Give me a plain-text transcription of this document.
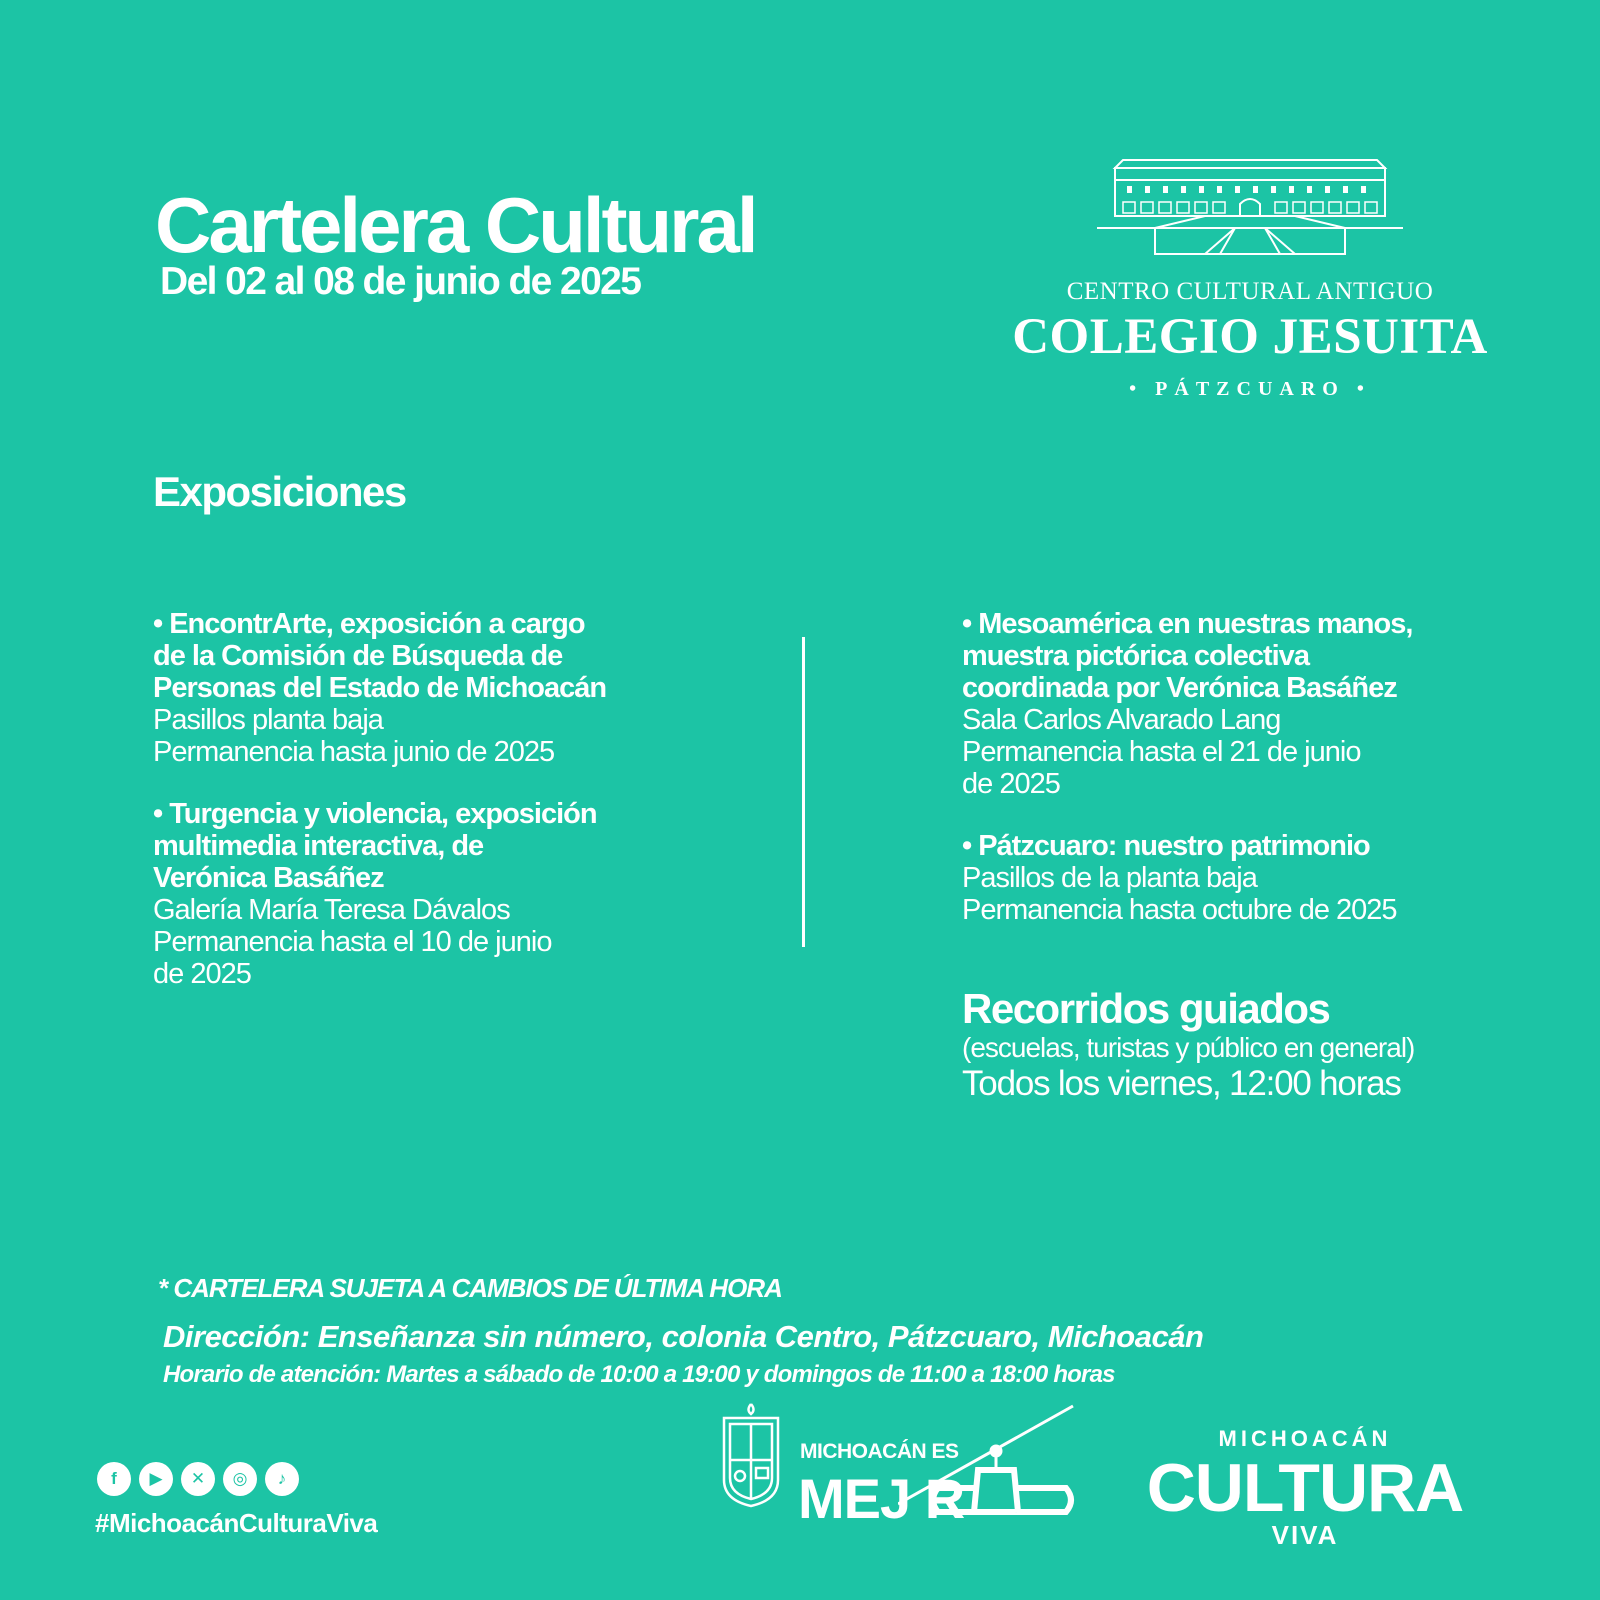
Cartelera Cultural
Del 02 al 08 de junio de 2025	CENTRO CULTURAL ANTIGUO
COLEGIO JESUITA
• PÁTZCUARO •
Exposiciones
• EncontrArte, exposición a cargo
de la Comisión de Búsqueda de
Personas del Estado de Michoacán
Pasillos planta baja
Permanencia hasta junio de 2025
• Turgencia y violencia, exposición
multimedia interactiva, de
Verónica Basáñez
Galería María Teresa Dávalos
Permanencia hasta el 10 de junio
de 2025
• Mesoamérica en nuestras manos,
muestra pictórica colectiva
coordinada por Verónica Basáñez
Sala Carlos Alvarado Lang
Permanencia hasta el 21 de junio
de 2025
• Pátzcuaro: nuestro patrimonio
Pasillos de la planta baja
Permanencia hasta octubre de 2025
Recorridos guiados
(escuelas, turistas y público en general)
Todos los viernes, 12:00 horas
* CARTELERA SUJETA A CAMBIOS DE ÚLTIMA HORA
Dirección: Enseñanza sin número, colonia Centro, Pátzcuaro, Michoacán
Horario de atención: Martes a sábado de 10:00 a 19:00 y domingos de 11:00 a 18:00 horas
f	▶	✕	◎	♪
#MichoacánCulturaViva
MICHOACÁN ES
MEJ R
MICHOACÁN
CULTURA
VIVA
